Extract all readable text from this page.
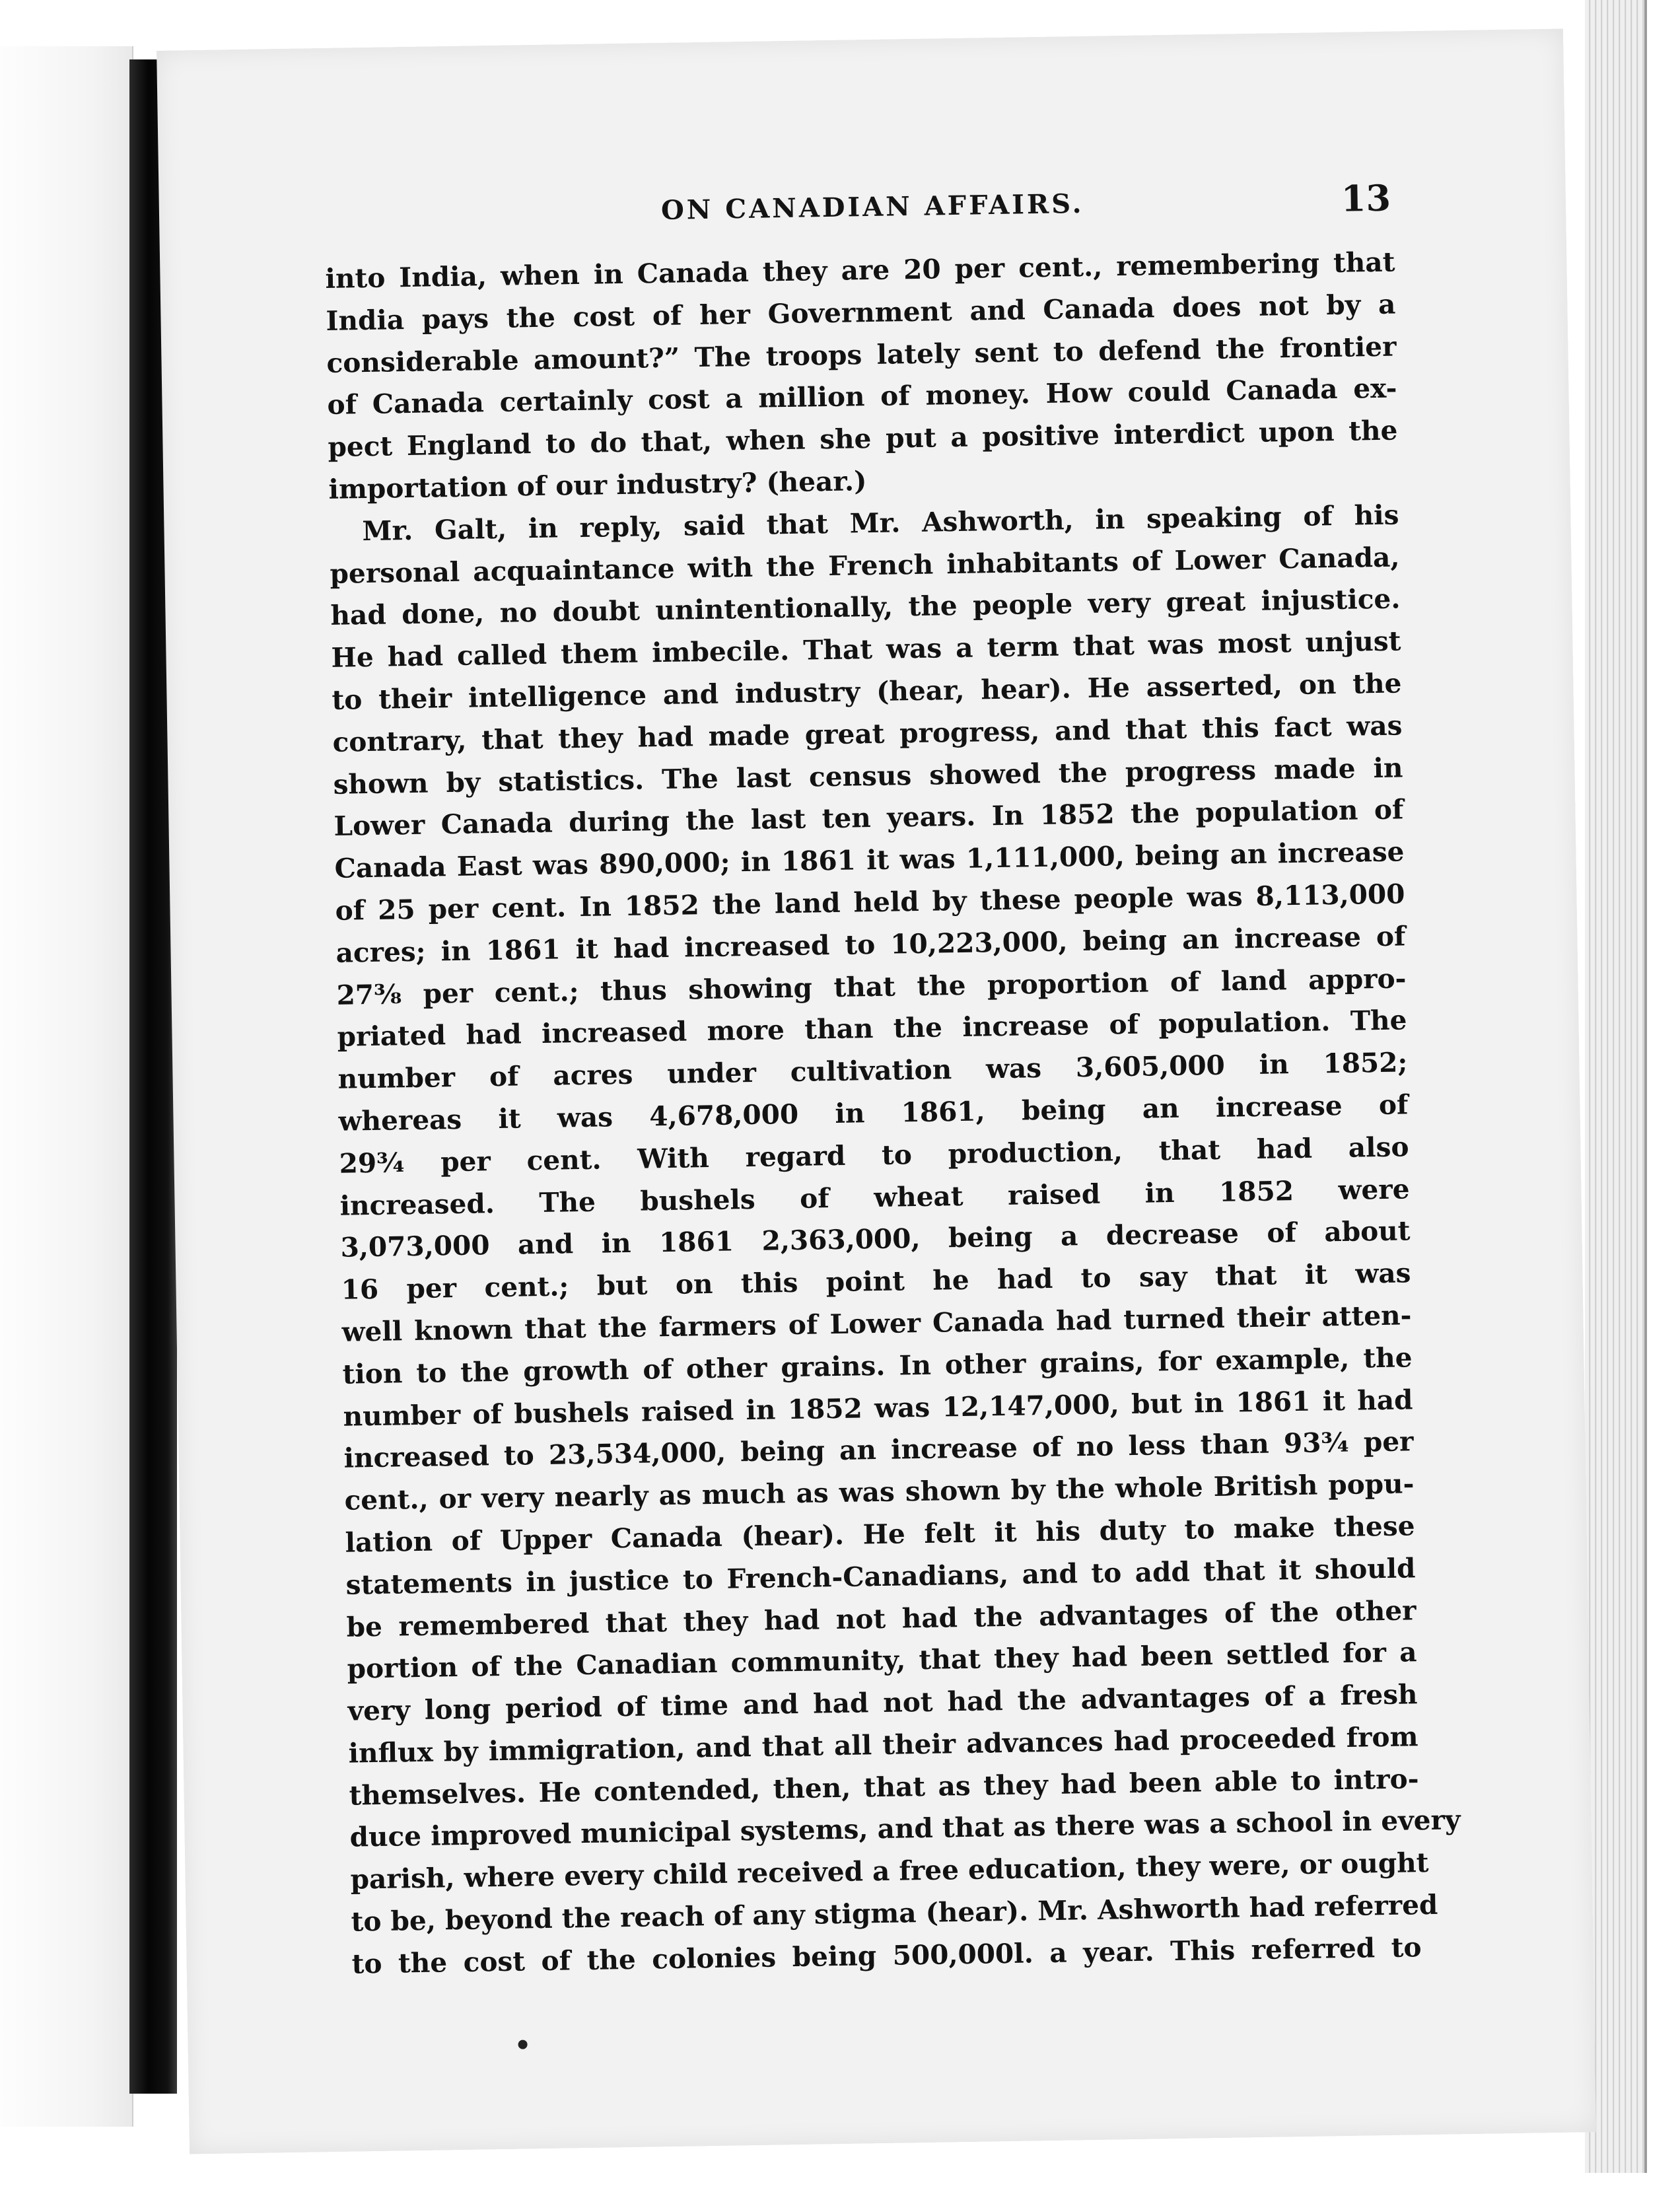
ON CANADIAN AFFAIRS.	13
into India, when in Canada they are 20 per cent., remembering that
India pays the cost of her Government and Canada does not by a
considerable amount?” The troops lately sent to defend the frontier
of Canada certainly cost a million of money. How could Canada ex-
pect England to do that, when she put a positive interdict upon the
importation of our industry? (hear.)
Mr. Galt, in reply, said that Mr. Ashworth, in speaking of his
personal acquaintance with the French inhabitants of Lower Canada,
had done, no doubt unintentionally, the people very great injustice.
He had called them imbecile. That was a term that was most unjust
to their intelligence and industry (hear, hear). He asserted, on the
contrary, that they had made great progress, and that this fact was
shown by statistics. The last census showed the progress made in
Lower Canada during the last ten years. In 1852 the population of
Canada East was 890,000; in 1861 it was 1,111,000, being an increase
of 25 per cent. In 1852 the land held by these people was 8,113,000
acres; in 1861 it had increased to 10,223,000, being an increase of
27⅜ per cent.; thus showing that the proportion of land appro-
priated had increased more than the increase of population. The
number of acres under cultivation was 3,605,000 in 1852;
whereas it was 4,678,000 in 1861, being an increase of
29¾ per cent. With regard to production, that had also
increased. The bushels of wheat raised in 1852 were
3,073,000 and in 1861 2,363,000, being a decrease of about
16 per cent.; but on this point he had to say that it was
well known that the farmers of Lower Canada had turned their atten-
tion to the growth of other grains. In other grains, for example, the
number of bushels raised in 1852 was 12,147,000, but in 1861 it had
increased to 23,534,000, being an increase of no less than 93¾ per
cent., or very nearly as much as was shown by the whole British popu-
lation of Upper Canada (hear). He felt it his duty to make these
statements in justice to French-Canadians, and to add that it should
be remembered that they had not had the advantages of the other
portion of the Canadian community, that they had been settled for a
very long period of time and had not had the advantages of a fresh
influx by immigration, and that all their advances had proceeded from
themselves. He contended, then, that as they had been able to intro-
duce improved municipal systems, and that as there was a school in every
parish, where every child received a free education, they were, or ought
to be, beyond the reach of any stigma (hear). Mr. Ashworth had referred
to the cost of the colonies being 500,000l. a year. This referred to
